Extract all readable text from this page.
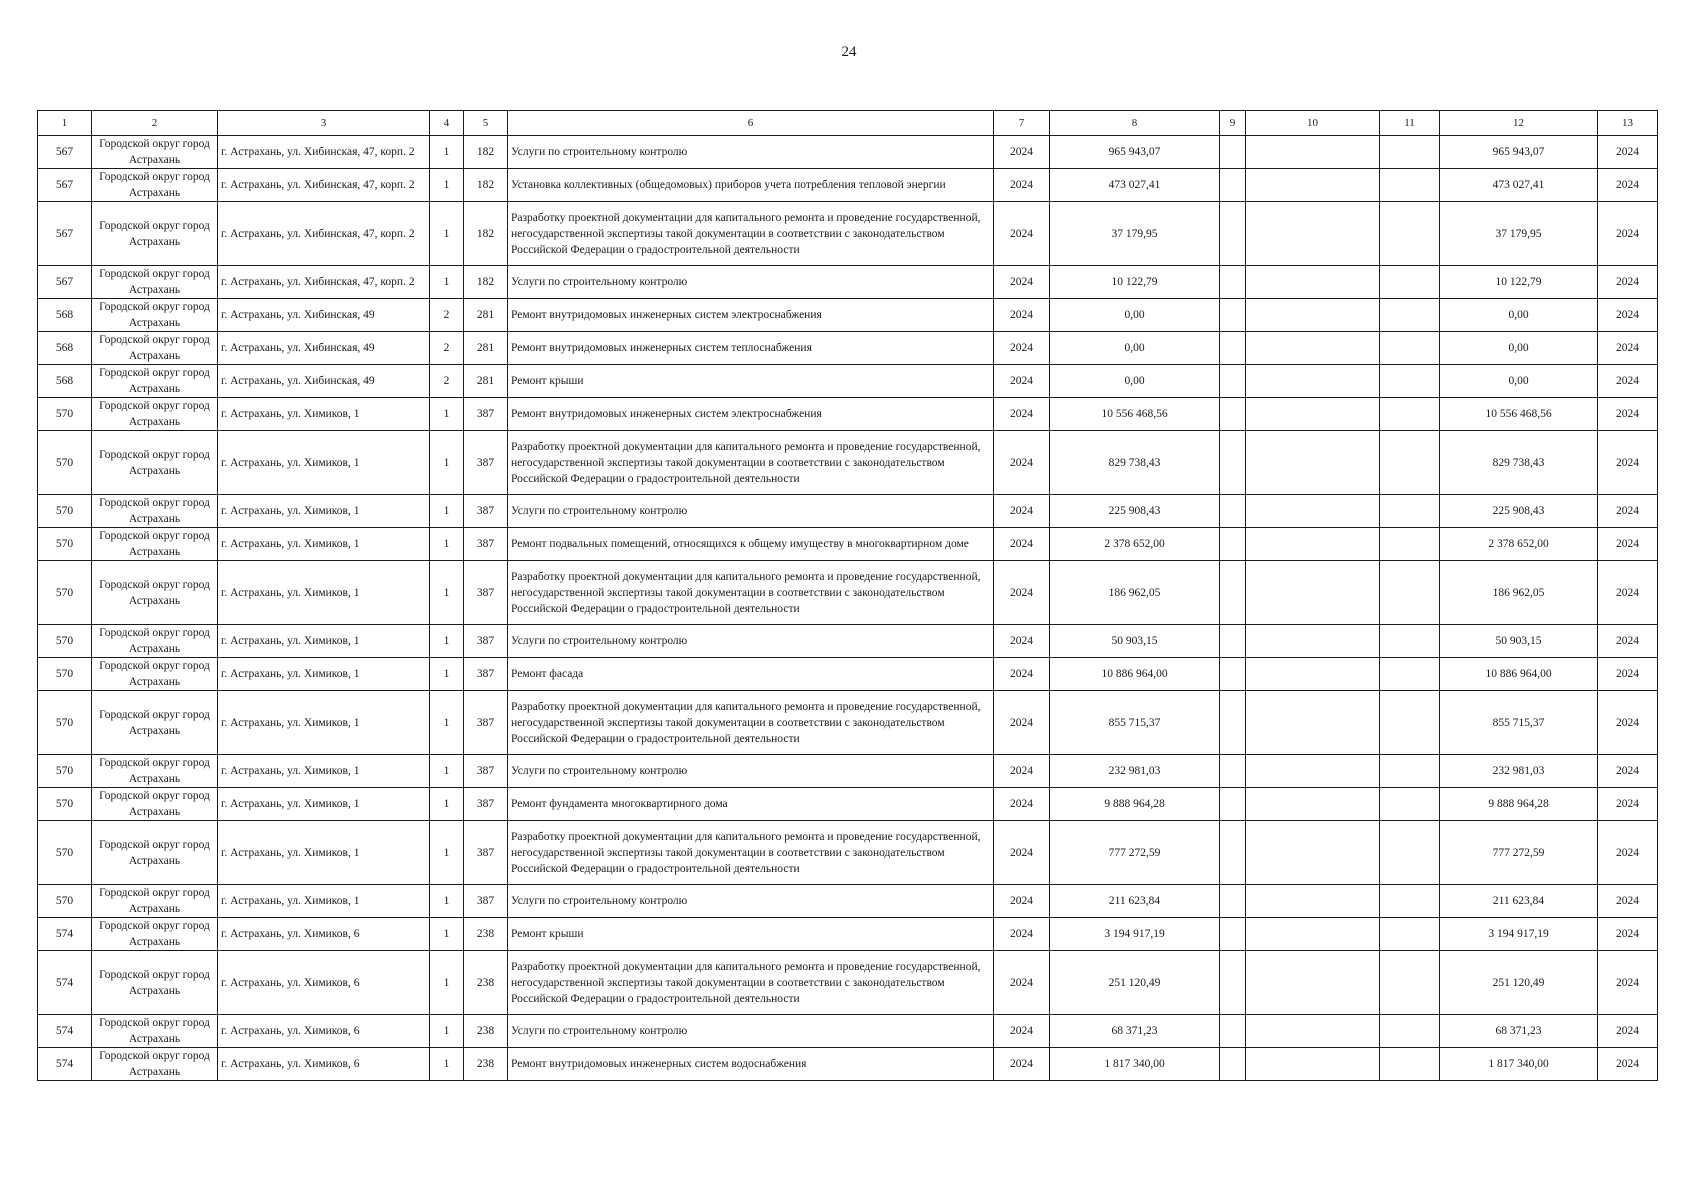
24
1	2	3	4	5	6	7	8	9	10	11	12	13
567	Городской округ город Астрахань	г. Астрахань, ул. Хибинская, 47, корп. 2	1	182	Услуги по строительному контролю	2024	965 943,07				965 943,07	2024
567	Городской округ город Астрахань	г. Астрахань, ул. Хибинская, 47, корп. 2	1	182	Установка коллективных (общедомовых) приборов учета потребления тепловой энергии	2024	473 027,41				473 027,41	2024
567	Городской округ город Астрахань	г. Астрахань, ул. Хибинская, 47, корп. 2	1	182	Разработку проектной документации для капитального ремонта и проведение государственной, негосударственной экспертизы такой документации в соответствии с законодательством Российской Федерации о градостроительной деятельности	2024	37 179,95				37 179,95	2024
567	Городской округ город Астрахань	г. Астрахань, ул. Хибинская, 47, корп. 2	1	182	Услуги по строительному контролю	2024	10 122,79				10 122,79	2024
568	Городской округ город Астрахань	г. Астрахань, ул. Хибинская, 49	2	281	Ремонт внутридомовых инженерных систем электроснабжения	2024	0,00				0,00	2024
568	Городской округ город Астрахань	г. Астрахань, ул. Хибинская, 49	2	281	Ремонт внутридомовых инженерных систем теплоснабжения	2024	0,00				0,00	2024
568	Городской округ город Астрахань	г. Астрахань, ул. Хибинская, 49	2	281	Ремонт крыши	2024	0,00				0,00	2024
570	Городской округ город Астрахань	г. Астрахань, ул. Химиков, 1	1	387	Ремонт внутридомовых инженерных систем электроснабжения	2024	10 556 468,56				10 556 468,56	2024
570	Городской округ город Астрахань	г. Астрахань, ул. Химиков, 1	1	387	Разработку проектной документации для капитального ремонта и проведение государственной, негосударственной экспертизы такой документации в соответствии с законодательством Российской Федерации о градостроительной деятельности	2024	829 738,43				829 738,43	2024
570	Городской округ город Астрахань	г. Астрахань, ул. Химиков, 1	1	387	Услуги по строительному контролю	2024	225 908,43				225 908,43	2024
570	Городской округ город Астрахань	г. Астрахань, ул. Химиков, 1	1	387	Ремонт подвальных помещений, относящихся к общему имуществу в многоквартирном доме	2024	2 378 652,00				2 378 652,00	2024
570	Городской округ город Астрахань	г. Астрахань, ул. Химиков, 1	1	387	Разработку проектной документации для капитального ремонта и проведение государственной, негосударственной экспертизы такой документации в соответствии с законодательством Российской Федерации о градостроительной деятельности	2024	186 962,05				186 962,05	2024
570	Городской округ город Астрахань	г. Астрахань, ул. Химиков, 1	1	387	Услуги по строительному контролю	2024	50 903,15				50 903,15	2024
570	Городской округ город Астрахань	г. Астрахань, ул. Химиков, 1	1	387	Ремонт фасада	2024	10 886 964,00				10 886 964,00	2024
570	Городской округ город Астрахань	г. Астрахань, ул. Химиков, 1	1	387	Разработку проектной документации для капитального ремонта и проведение государственной, негосударственной экспертизы такой документации в соответствии с законодательством Российской Федерации о градостроительной деятельности	2024	855 715,37				855 715,37	2024
570	Городской округ город Астрахань	г. Астрахань, ул. Химиков, 1	1	387	Услуги по строительному контролю	2024	232 981,03				232 981,03	2024
570	Городской округ город Астрахань	г. Астрахань, ул. Химиков, 1	1	387	Ремонт фундамента многоквартирного дома	2024	9 888 964,28				9 888 964,28	2024
570	Городской округ город Астрахань	г. Астрахань, ул. Химиков, 1	1	387	Разработку проектной документации для капитального ремонта и проведение государственной, негосударственной экспертизы такой документации в соответствии с законодательством Российской Федерации о градостроительной деятельности	2024	777 272,59				777 272,59	2024
570	Городской округ город Астрахань	г. Астрахань, ул. Химиков, 1	1	387	Услуги по строительному контролю	2024	211 623,84				211 623,84	2024
574	Городской округ город Астрахань	г. Астрахань, ул. Химиков, 6	1	238	Ремонт крыши	2024	3 194 917,19				3 194 917,19	2024
574	Городской округ город Астрахань	г. Астрахань, ул. Химиков, 6	1	238	Разработку проектной документации для капитального ремонта и проведение государственной, негосударственной экспертизы такой документации в соответствии с законодательством Российской Федерации о градостроительной деятельности	2024	251 120,49				251 120,49	2024
574	Городской округ город Астрахань	г. Астрахань, ул. Химиков, 6	1	238	Услуги по строительному контролю	2024	68 371,23				68 371,23	2024
574	Городской округ город Астрахань	г. Астрахань, ул. Химиков, 6	1	238	Ремонт внутридомовых инженерных систем водоснабжения	2024	1 817 340,00				1 817 340,00	2024
